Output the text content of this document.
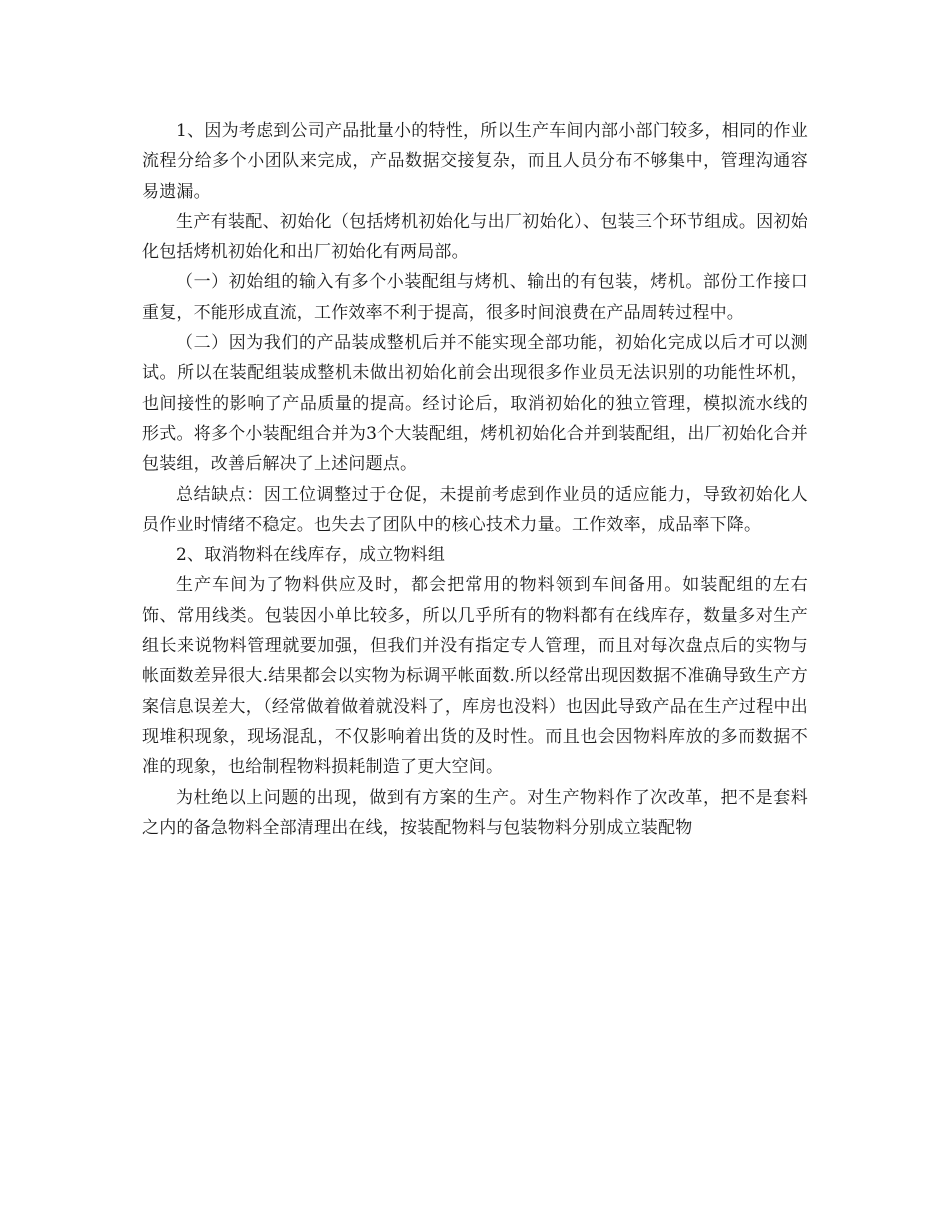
1、因为考虑到公司产品批量小的特性，所以生产车间内部小部门较多，相同的作业流程分给多个小团队来完成，产品数据交接复杂，而且人员分布不够集中，管理沟通容易遗漏。

生产有装配、初始化（包括烤机初始化与出厂初始化）、包装三个环节组成。因初始化包括烤机初始化和出厂初始化有两局部。

（一）初始组的输入有多个小装配组与烤机、输出的有包装，烤机。部份工作接口重复，不能形成直流，工作效率不利于提高，很多时间浪费在产品周转过程中。

（二）因为我们的产品装成整机后并不能实现全部功能，初始化完成以后才可以测试。所以在装配组装成整机未做出初始化前会出现很多作业员无法识别的功能性坏机，也间接性的影响了产品质量的提高。经讨论后，取消初始化的独立管理，模拟流水线的形式。将多个小装配组合并为3个大装配组，烤机初始化合并到装配组，出厂初始化合并包装组，改善后解决了上述问题点。

总结缺点：因工位调整过于仓促，未提前考虑到作业员的适应能力，导致初始化人员作业时情绪不稳定。也失去了团队中的核心技术力量。工作效率，成品率下降。

2、取消物料在线库存，成立物料组

生产车间为了物料供应及时，都会把常用的物料领到车间备用。如装配组的左右饰、常用线类。包装因小单比较多，所以几乎所有的物料都有在线库存，数量多对生产组长来说物料管理就要加强，但我们并没有指定专人管理，而且对每次盘点后的实物与帐面数差异很大.结果都会以实物为标调平帐面数.所以经常出现因数据不准确导致生产方案信息误差大，（经常做着做着就没料了，库房也没料）也因此导致产品在生产过程中出现堆积现象，现场混乱，不仅影响着出货的及时性。而且也会因物料库放的多而数据不准的现象，也给制程物料损耗制造了更大空间。

为杜绝以上问题的出现，做到有方案的生产。对生产物料作了次改革，把不是套料之内的备急物料全部清理出在线，按装配物料与包装物料分别成立装配物
